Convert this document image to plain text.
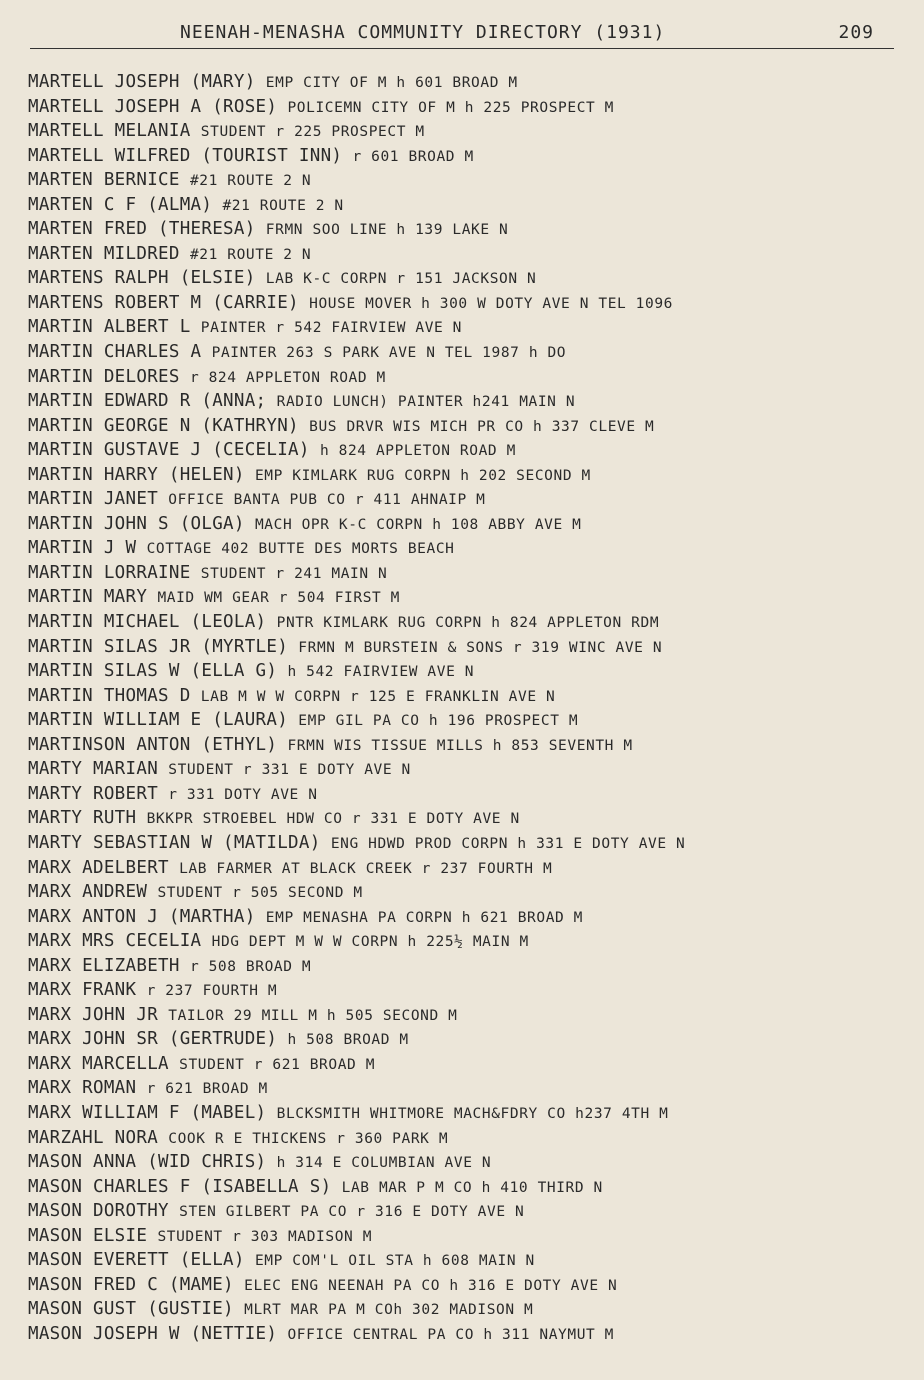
NEENAH-MENASHA COMMUNITY DIRECTORY (1931)	209
MARTELL JOSEPH (MARY) EMP CITY OF M h 601 BROAD M
MARTELL JOSEPH A (ROSE) POLICEMN CITY OF M h 225 PROSPECT M
MARTELL MELANIA STUDENT r 225 PROSPECT M
MARTELL WILFRED (TOURIST INN) r 601 BROAD M
MARTEN BERNICE #21 ROUTE 2 N
MARTEN C F (ALMA) #21 ROUTE 2 N
MARTEN FRED (THERESA) FRMN SOO LINE h 139 LAKE N
MARTEN MILDRED #21 ROUTE 2 N
MARTENS RALPH (ELSIE) LAB K-C CORPN r 151 JACKSON N
MARTENS ROBERT M (CARRIE) HOUSE MOVER h 300 W DOTY AVE N TEL 1096
MARTIN ALBERT L PAINTER r 542 FAIRVIEW AVE N
MARTIN CHARLES A PAINTER 263 S PARK AVE N TEL 1987 h DO
MARTIN DELORES r 824 APPLETON ROAD M
MARTIN EDWARD R (ANNA; RADIO LUNCH) PAINTER h241 MAIN N
MARTIN GEORGE N (KATHRYN) BUS DRVR WIS MICH PR CO h 337 CLEVE M
MARTIN GUSTAVE J (CECELIA) h 824 APPLETON ROAD M
MARTIN HARRY (HELEN) EMP KIMLARK RUG CORPN h 202 SECOND M
MARTIN JANET OFFICE BANTA PUB CO r 411 AHNAIP M
MARTIN JOHN S (OLGA) MACH OPR K-C CORPN h 108 ABBY AVE M
MARTIN J W COTTAGE 402 BUTTE DES MORTS BEACH
MARTIN LORRAINE STUDENT r 241 MAIN N
MARTIN MARY MAID WM GEAR r 504 FIRST M
MARTIN MICHAEL (LEOLA) PNTR KIMLARK RUG CORPN h 824 APPLETON RDM
MARTIN SILAS JR (MYRTLE) FRMN M BURSTEIN & SONS r 319 WINC AVE N
MARTIN SILAS W (ELLA G) h 542 FAIRVIEW AVE N
MARTIN THOMAS D LAB M W W CORPN r 125 E FRANKLIN AVE N
MARTIN WILLIAM E (LAURA) EMP GIL PA CO h 196 PROSPECT M
MARTINSON ANTON (ETHYL) FRMN WIS TISSUE MILLS h 853 SEVENTH M
MARTY MARIAN STUDENT r 331 E DOTY AVE N
MARTY ROBERT r 331 DOTY AVE N
MARTY RUTH BKKPR STROEBEL HDW CO r 331 E DOTY AVE N
MARTY SEBASTIAN W (MATILDA) ENG HDWD PROD CORPN h 331 E DOTY AVE N
MARX ADELBERT LAB FARMER AT BLACK CREEK r 237 FOURTH M
MARX ANDREW STUDENT r 505 SECOND M
MARX ANTON J (MARTHA) EMP MENASHA PA CORPN h 621 BROAD M
MARX MRS CECELIA HDG DEPT M W W CORPN h 225½ MAIN M
MARX ELIZABETH r 508 BROAD M
MARX FRANK r 237 FOURTH M
MARX JOHN JR TAILOR 29 MILL M h 505 SECOND M
MARX JOHN SR (GERTRUDE) h 508 BROAD M
MARX MARCELLA STUDENT r 621 BROAD M
MARX ROMAN r 621 BROAD M
MARX WILLIAM F (MABEL) BLCKSMITH WHITMORE MACH&FDRY CO h237 4TH M
MARZAHL NORA COOK R E THICKENS r 360 PARK M
MASON ANNA (WID CHRIS) h 314 E COLUMBIAN AVE N
MASON CHARLES F (ISABELLA S) LAB MAR P M CO h 410 THIRD N
MASON DOROTHY STEN GILBERT PA CO r 316 E DOTY AVE N
MASON ELSIE STUDENT r 303 MADISON M
MASON EVERETT (ELLA) EMP COM'L OIL STA h 608 MAIN N
MASON FRED C (MAME) ELEC ENG NEENAH PA CO h 316 E DOTY AVE N
MASON GUST (GUSTIE) MLRT MAR PA M COh 302 MADISON M
MASON JOSEPH W (NETTIE) OFFICE CENTRAL PA CO h 311 NAYMUT M
